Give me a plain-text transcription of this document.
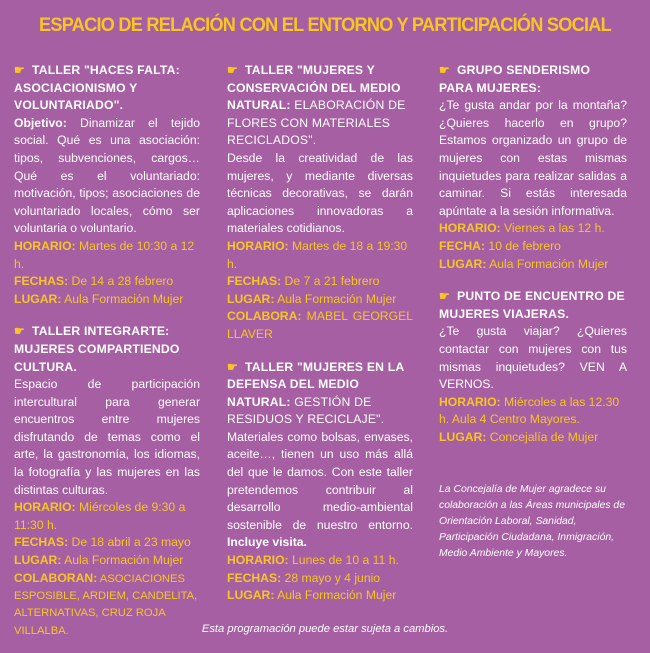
ESPACIO DE RELACIÓN CON EL ENTORNO Y PARTICIPACIÓN SOCIAL

☛ TALLER "HACES FALTA: ASOCIACIONISMO Y VOLUNTARIADO".

Objetivo: Dinamizar el tejido social. Qué es una asociación: tipos, subvenciones, cargos… Qué es el voluntariado: motivación, tipos; asociaciones de voluntariado locales, cómo ser voluntaria o voluntario.

HORARIO: Martes de 10:30 a 12 h.

FECHAS: De 14 a 28 febrero

LUGAR: Aula Formación Mujer

☛ TALLER INTEGRARTE: MUJERES COMPARTIENDO CULTURA.

Espacio de participación intercultural para generar encuentros entre mujeres disfrutando de temas como el arte, la gastronomía, los idiomas, la fotografía y las mujeres en las distintas culturas.

HORARIO: Miércoles de 9:30 a 11:30 h.

FECHAS: De 18 abril a 23 mayo

LUGAR: Aula Formación Mujer

COLABORAN: ASOCIACIONES ESPOSIBLE, ARDIEM, CANDELITA, ALTERNATIVAS, CRUZ ROJA VILLALBA.

☛ TALLER "MUJERES Y CONSERVACIÓN DEL MEDIO NATURAL: ELABORACIÓN DE FLORES CON MATERIALES RECICLADOS".

Desde la creatividad de las mujeres, y mediante diversas técnicas decorativas, se darán aplicaciones innovadoras a materiales cotidianos.

HORARIO: Martes de 18 a 19:30 h.

FECHAS: De 7 a 21 febrero

LUGAR: Aula Formación Mujer

COLABORA: MABEL GEORGEL LLAVER

☛ TALLER "MUJERES EN LA DEFENSA DEL MEDIO NATURAL: GESTIÓN DE RESIDUOS Y RECICLAJE".

Materiales como bolsas, envases, aceite…, tienen un uso más allá del que le damos. Con este taller pretendemos contribuir al desarrollo medio-ambiental sostenible de nuestro entorno. Incluye visita.

HORARIO: Lunes de 10 a 11 h.

FECHAS: 28 mayo y 4 junio

LUGAR: Aula Formación Mujer

☛ GRUPO SENDERISMO PARA MUJERES:

¿Te gusta andar por la montaña? ¿Quieres hacerlo en grupo? Estamos organizado un grupo de mujeres con estas mismas inquietudes para realizar salidas a caminar. Si estás interesada apúntate a la sesión informativa.

HORARIO: Viernes a las 12 h.

FECHA: 10 de febrero

LUGAR: Aula Formación Mujer

☛ PUNTO DE ENCUENTRO DE MUJERES VIAJERAS.

¿Te gusta viajar? ¿Quieres contactar con mujeres con tus mismas inquietudes? VEN A VERNOS.

HORARIO: Miércoles a las 12.30 h. Aula 4 Centro Mayores.

LUGAR: Concejalía de Mujer

La Concejalía de Mujer agradece su colaboración a las Áreas municipales de Orientación Laboral, Sanidad, Participación Ciudadana, Inmigración, Medio Ambiente y Mayores.

Esta programación puede estar sujeta a cambios.
